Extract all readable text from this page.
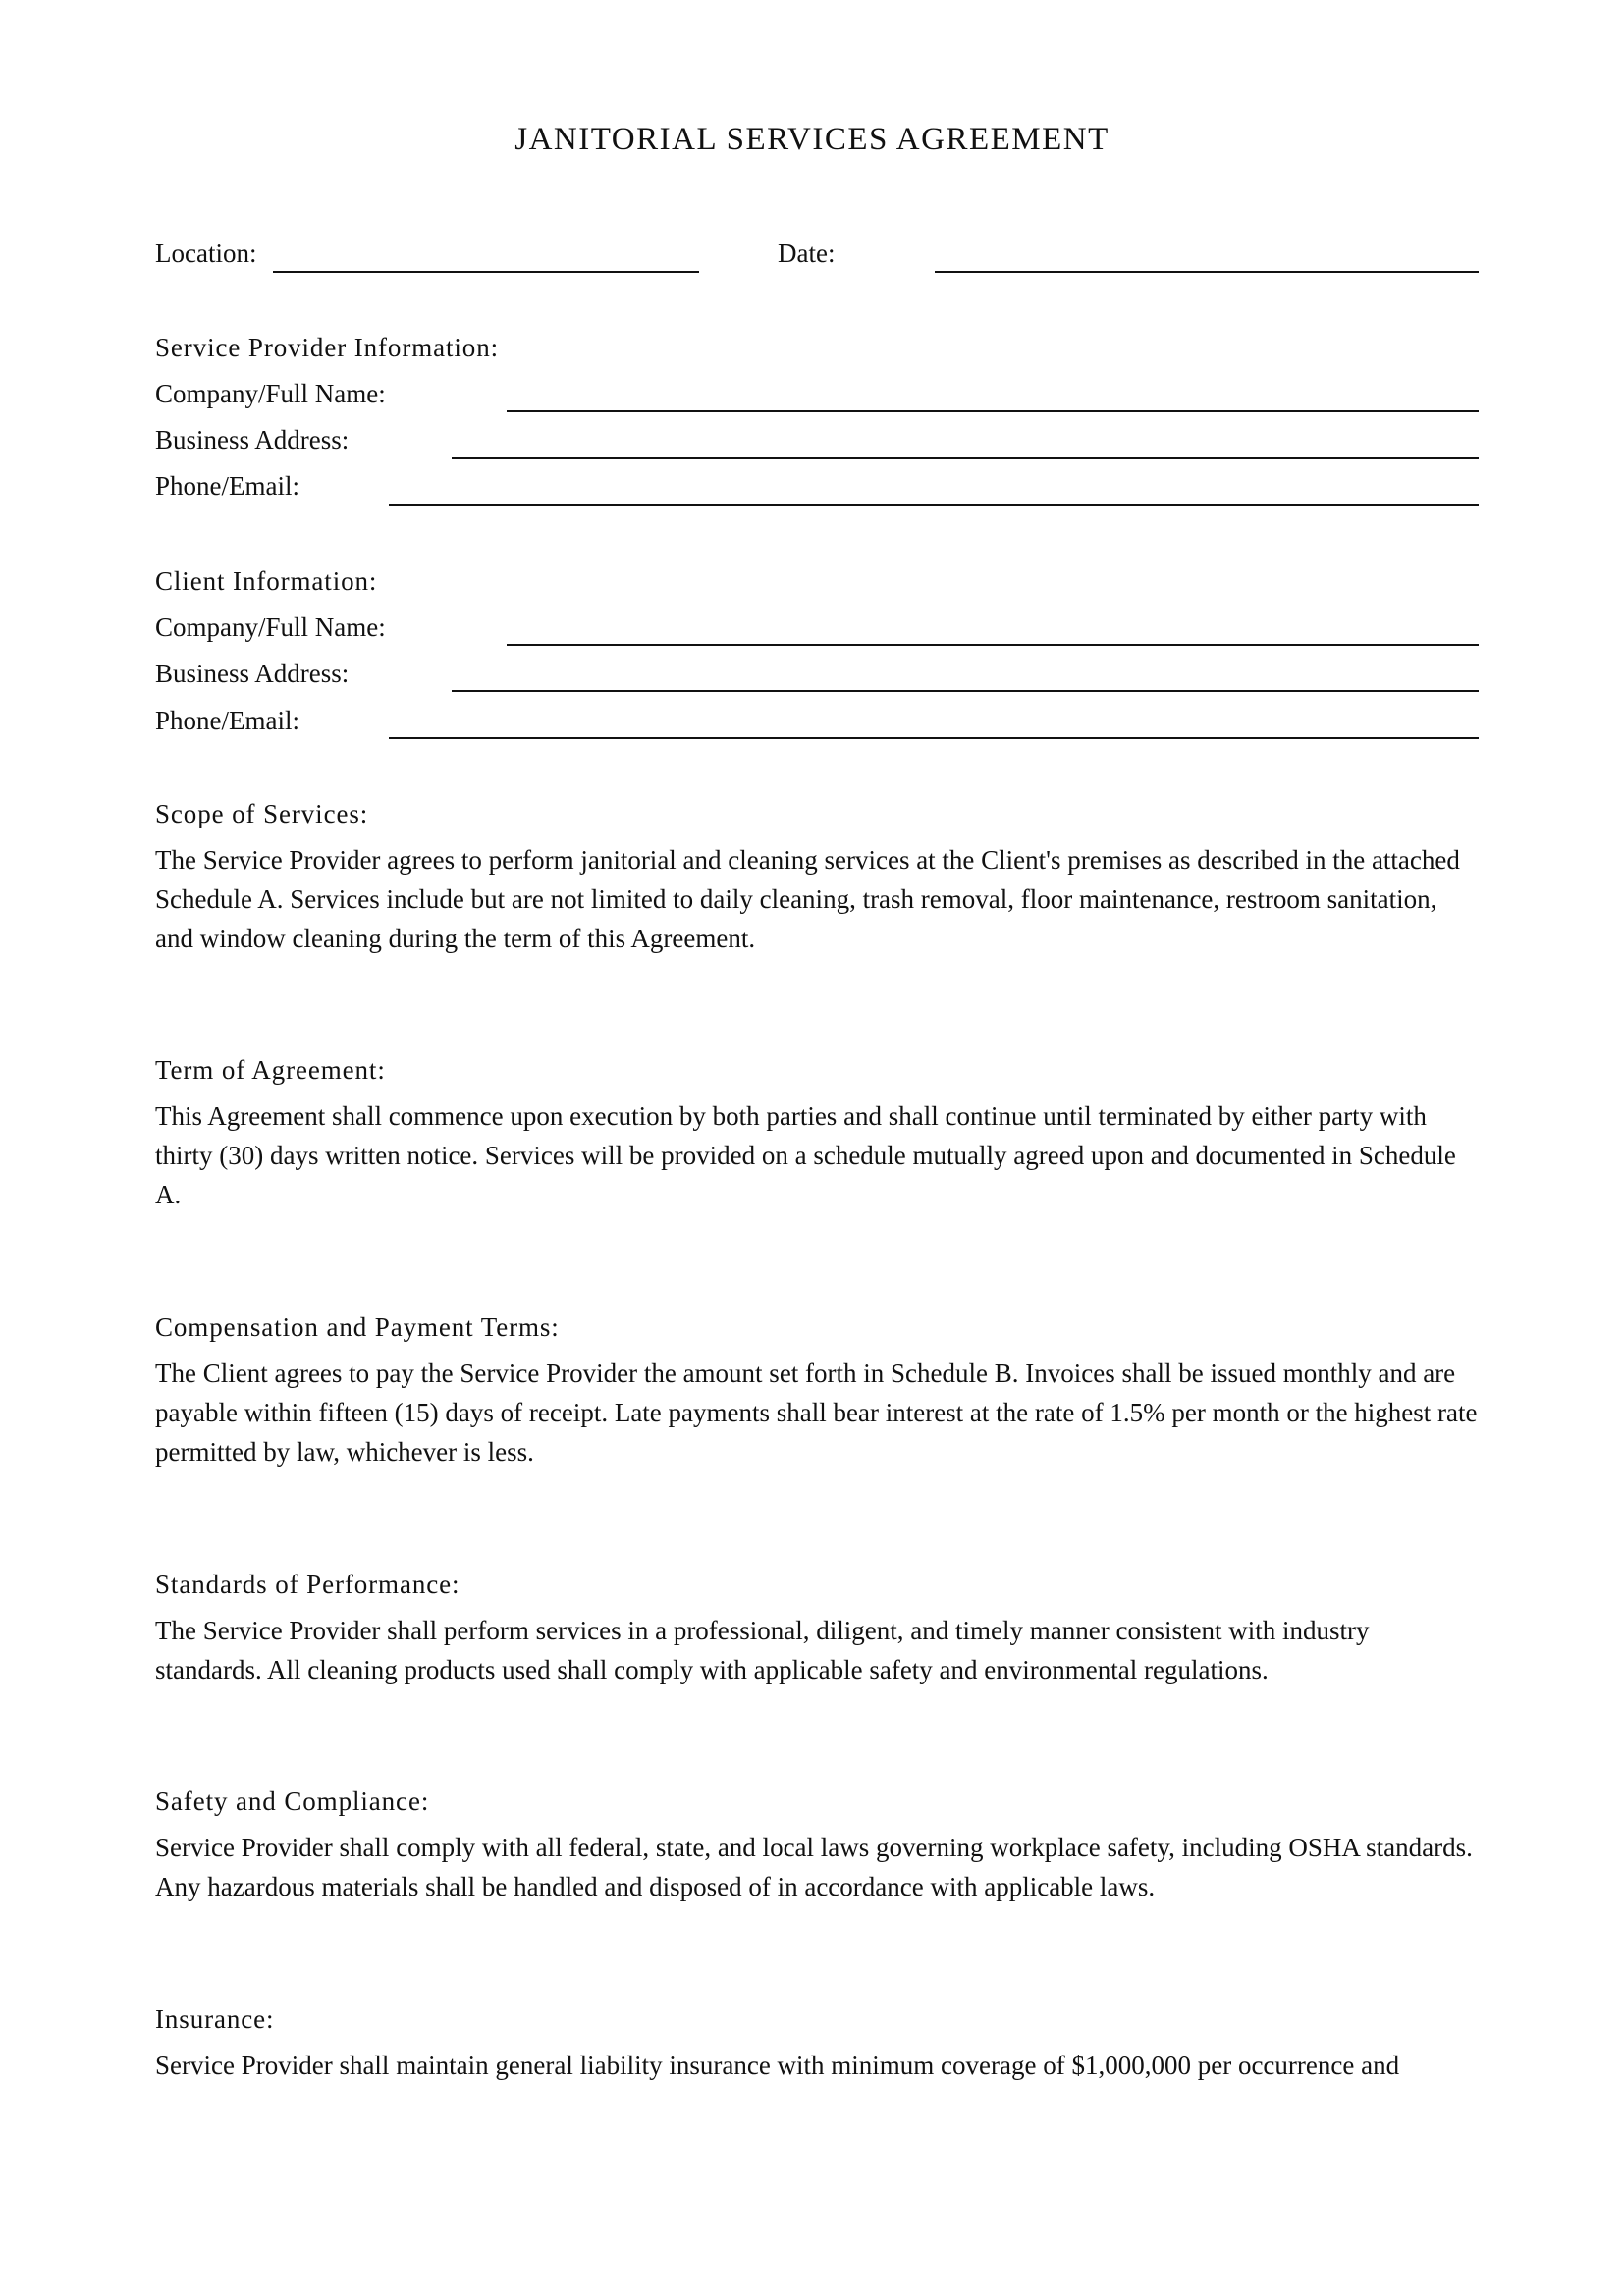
JANITORIAL SERVICES AGREEMENT
Location:	Date:
Service Provider Information:
Company/Full Name:
Business Address:
Phone/Email:
Client Information:
Company/Full Name:
Business Address:
Phone/Email:
Scope of Services:
The Service Provider agrees to perform janitorial and cleaning services at the Client's premises as described in the attached Schedule A. Services include but are not limited to daily cleaning, trash removal, floor maintenance, restroom sanitation, and window cleaning during the term of this Agreement.
Term of Agreement:
This Agreement shall commence upon execution by both parties and shall continue until terminated by either party with thirty (30) days written notice. Services will be provided on a schedule mutually agreed upon and documented in Schedule A.
Compensation and Payment Terms:
The Client agrees to pay the Service Provider the amount set forth in Schedule B. Invoices shall be issued monthly and are payable within fifteen (15) days of receipt. Late payments shall bear interest at the rate of 1.5% per month or the highest rate permitted by law, whichever is less.
Standards of Performance:
The Service Provider shall perform services in a professional, diligent, and timely manner consistent with industry standards. All cleaning products used shall comply with applicable safety and environmental regulations.
Safety and Compliance:
Service Provider shall comply with all federal, state, and local laws governing workplace safety, including OSHA standards. Any hazardous materials shall be handled and disposed of in accordance with applicable laws.
Insurance:
Service Provider shall maintain general liability insurance with minimum coverage of $1,000,000 per occurrence and
